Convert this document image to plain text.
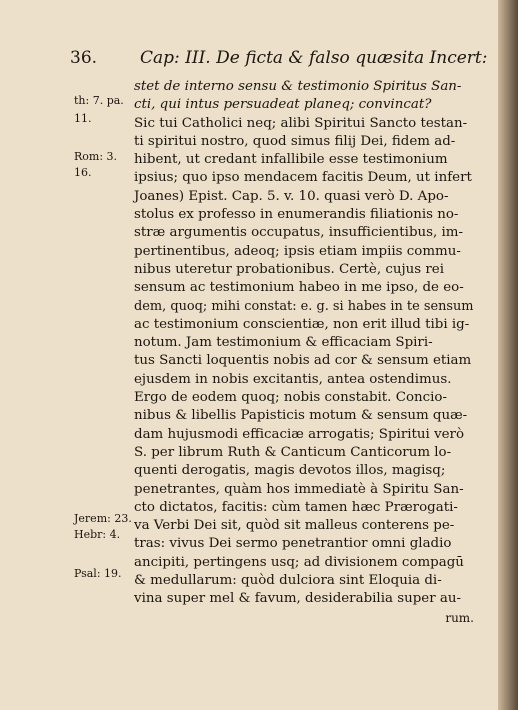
36.	Cap: III. De ficta & falso quæsita Incert:
th: 7. pa.
11.
Rom: 3.
16.
Jerem: 23.
Hebr: 4.
Psal: 19.
stet de interno sensu & testimonio Spiritus San-
cti, qui intus persuadeat planeq; convincat?
Sic tui Catholici neq; alibi Spiritui Sancto testan-
ti spiritui nostro, quod simus filij Dei, fidem ad-
hibent, ut credant infallibile esse testimonium
ipsius; quo ipso mendacem facitis Deum, ut infert
Joanes) Epist. Cap. 5. v. 10. quasi verò D. Apo-
stolus ex professo in enumerandis filiationis no-
stræ argumentis occupatus, insufficientibus, im-
pertinentibus, adeoq; ipsis etiam impiis commu-
nibus uteretur probationibus. Certè, cujus rei
sensum ac testimonium habeo in me ipso, de eo-
dem, quoq; mihi constat: e. g. si habes in te sensum
ac testimonium conscientiæ, non erit illud tibi ig-
notum. Jam testimonium & efficaciam Spiri-
tus Sancti loquentis nobis ad cor & sensum etiam
ejusdem in nobis excitantis, antea ostendimus.
Ergo de eodem quoq; nobis constabit. Concio-
nibus & libellis Papisticis motum & sensum quæ-
dam hujusmodi efficaciæ arrogatis; Spiritui verò
S. per librum Ruth & Canticum Canticorum lo-
quenti derogatis, magis devotos illos, magisq;
penetrantes, quàm hos immediatè à Spiritu San-
cto dictatos, facitis: cùm tamen hæc Prærogati-
va Verbi Dei sit, quòd sit malleus conterens pe-
tras: vivus Dei sermo penetrantior omni gladio
ancipiti, pertingens usq; ad divisionem compagū
& medullarum: quòd dulciora sint Eloquia di-
vina super mel & favum, desiderabilia super au-
rum.
